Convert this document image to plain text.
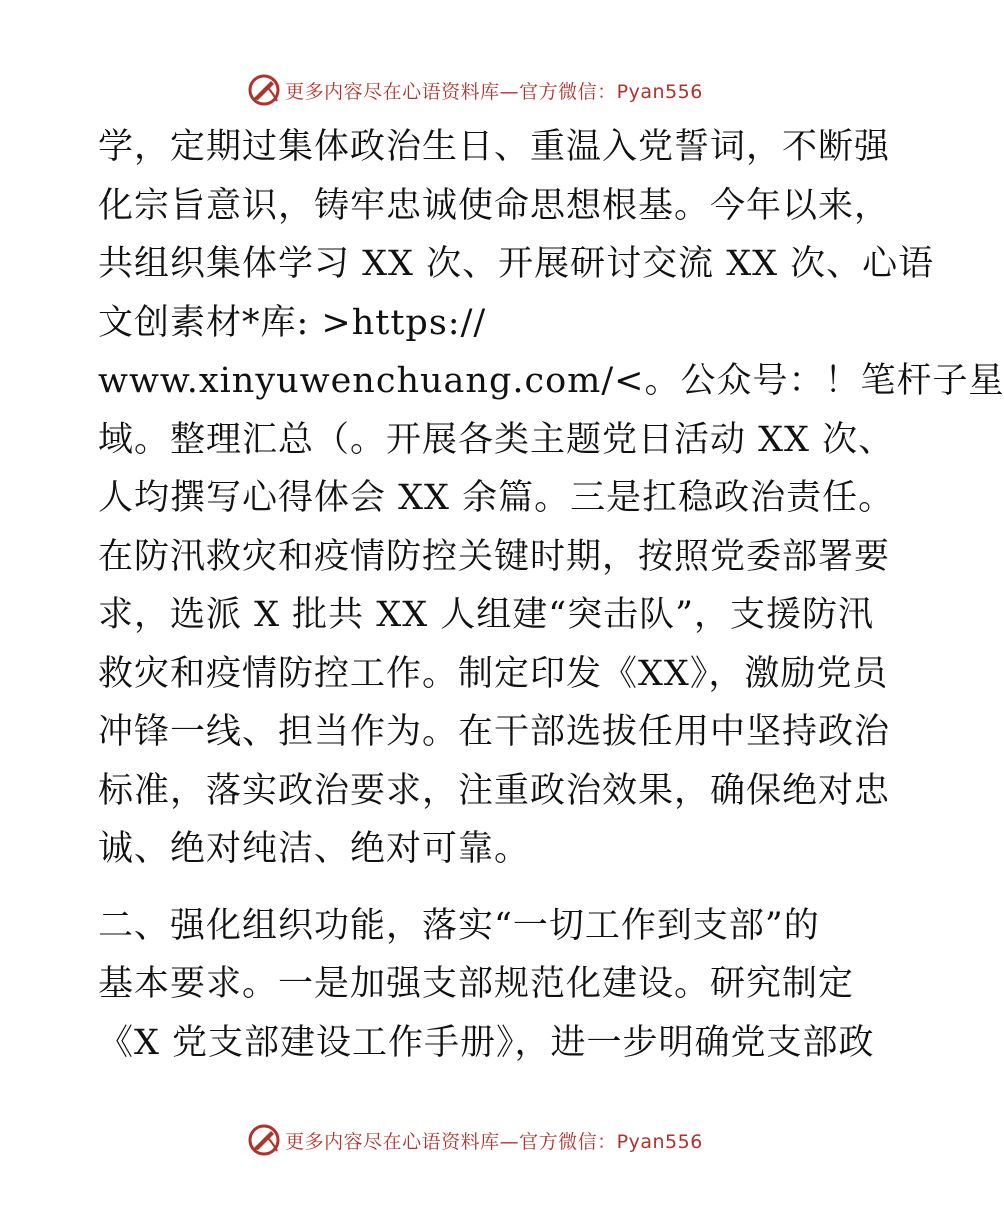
更多内容尽在心语资料库—官方微信：Pyan556
学，定期过集体政治生日、重温入党誓词，不断强
化宗旨意识，铸牢忠诚使命思想根基。今年以来，
共组织集体学习 XX 次、开展研讨交流 XX 次、心语
文创素材*库: >https://
www.xinyuwenchuang.com/<。公众号：！笔杆子星
域。整理汇总（。开展各类主题党日活动 XX 次、
人均撰写心得体会 XX 余篇。三是扛稳政治责任。
在防汛救灾和疫情防控关键时期，按照党委部署要
求，选派 X 批共 XX 人组建“突击队”，支援防汛
救灾和疫情防控工作。制定印发《XX》，激励党员
冲锋一线、担当作为。在干部选拔任用中坚持政治
标准，落实政治要求，注重政治效果，确保绝对忠
诚、绝对纯洁、绝对可靠。
二、强化组织功能，落实“一切工作到支部”的
基本要求。一是加强支部规范化建设。研究制定
《X 党支部建设工作手册》，进一步明确党支部政
更多内容尽在心语资料库—官方微信：Pyan556
